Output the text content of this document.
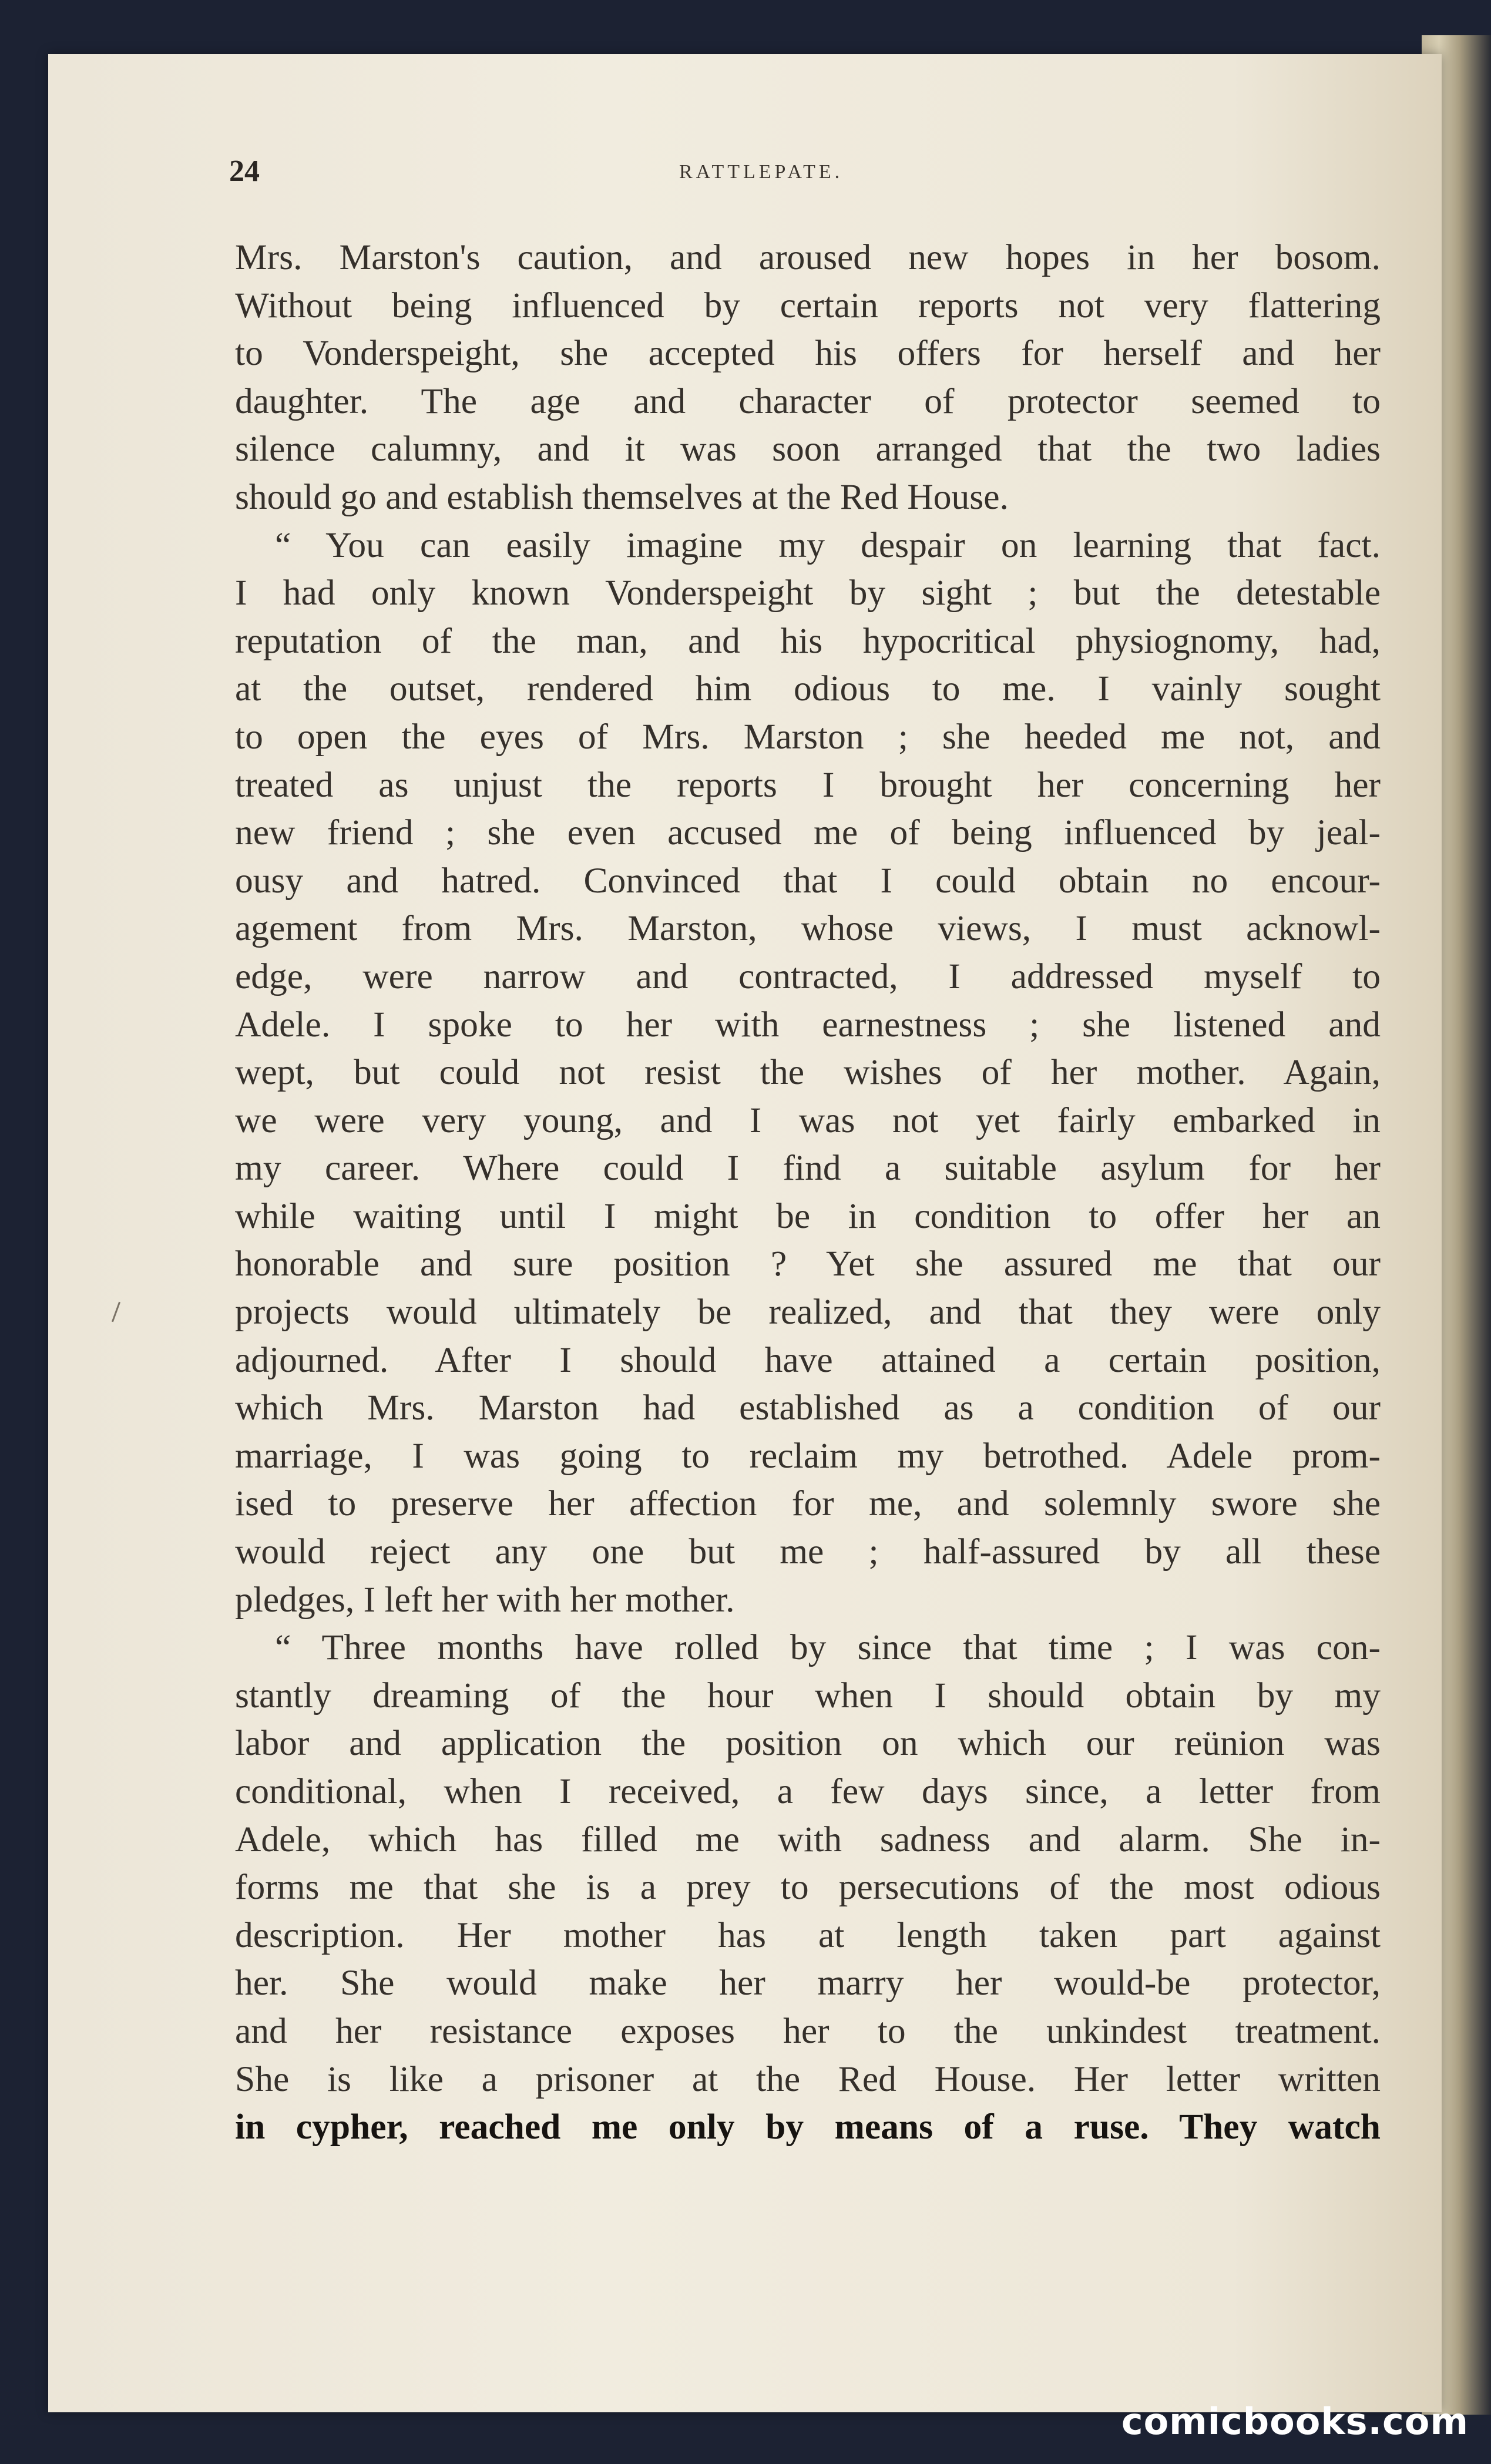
24	RATTLEPATE.
Mrs. Marston's caution, and aroused new hopes in her bosom.
Without being influenced by certain reports not very flattering
to Vonderspeight, she accepted his offers for herself and her
daughter. The age and character of protector seemed to
silence calumny, and it was soon arranged that the two ladies
should go and establish themselves at the Red House.
“ You can easily imagine my despair on learning that fact.
I had only known Vonderspeight by sight ; but the detestable
reputation of the man, and his hypocritical physiognomy, had,
at the outset, rendered him odious to me. I vainly sought
to open the eyes of Mrs. Marston ; she heeded me not, and
treated as unjust the reports I brought her concerning her
new friend ; she even accused me of being influenced by jeal-
ousy and hatred. Convinced that I could obtain no encour-
agement from Mrs. Marston, whose views, I must acknowl-
edge, were narrow and contracted, I addressed myself to
Adele. I spoke to her with earnestness ; she listened and
wept, but could not resist the wishes of her mother. Again,
we were very young, and I was not yet fairly embarked in
my career. Where could I find a suitable asylum for her
while waiting until I might be in condition to offer her an
honorable and sure position ? Yet she assured me that our
projects would ultimately be realized, and that they were only
adjourned. After I should have attained a certain position,
which Mrs. Marston had established as a condition of our
marriage, I was going to reclaim my betrothed. Adele prom-
ised to preserve her affection for me, and solemnly swore she
would reject any one but me ; half-assured by all these
pledges, I left her with her mother.
“ Three months have rolled by since that time ; I was con-
stantly dreaming of the hour when I should obtain by my
labor and application the position on which our reünion was
conditional, when I received, a few days since, a letter from
Adele, which has filled me with sadness and alarm. She in-
forms me that she is a prey to persecutions of the most odious
description. Her mother has at length taken part against
her. She would make her marry her would-be protector,
and her resistance exposes her to the unkindest treatment.
She is like a prisoner at the Red House. Her letter written
in cypher, reached me only by means of a ruse. They watch
comicbooks.com
